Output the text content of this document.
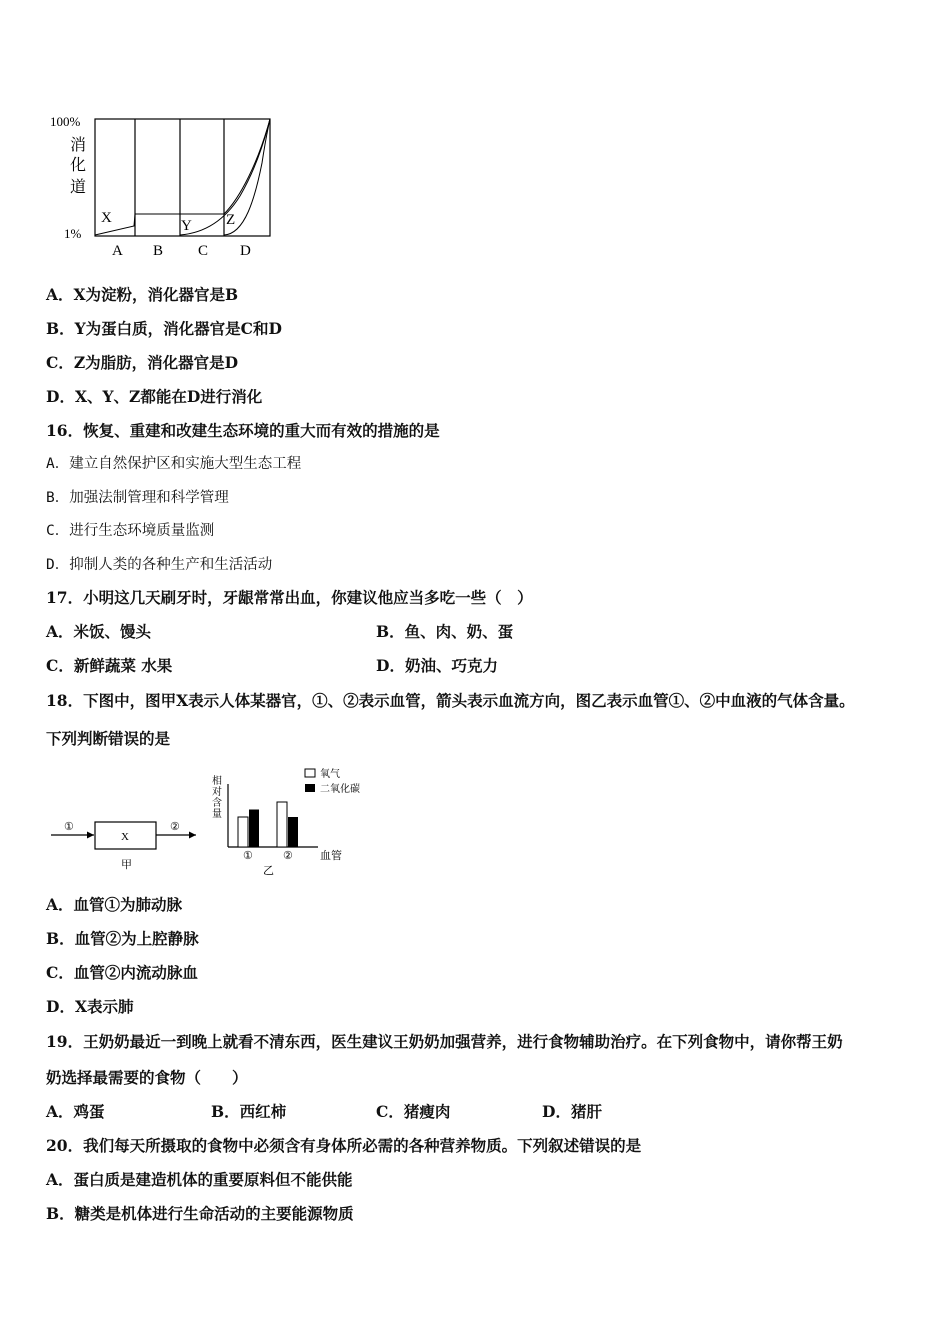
100%
消
化
道
1%
X	Y Z
A B C D
A．X为淀粉，消化器官是B
B．Y为蛋白质，消化器官是C和D
C．Z为脂肪，消化器官是D
D．X、Y、Z都能在D进行消化
16．恢复、重建和改建生态环境的重大而有效的措施的是
A．建立自然保护区和实施大型生态工程
B．加强法制管理和科学管理
C．进行生态环境质量监测
D．抑制人类的各种生产和生活活动
17．小明这几天刷牙时，牙龈常常出血，你建议他应当多吃一些（　）
A．米饭、馒头	B．鱼、肉、奶、蛋
C．新鲜蔬菜 水果	D．奶油、巧克力
18．下图中，图甲X表示人体某器官，①、②表示血管，箭头表示血流方向，图乙表示血管①、②中血液的气体含量。
下列判断错误的是
①
X
②
甲
相
对
含
量
①	② 血管
乙
氧气
二氧化碳
A．血管①为肺动脉
B．血管②为上腔静脉
C．血管②内流动脉血
D．X表示肺
19．王奶奶最近一到晚上就看不清东西，医生建议王奶奶加强营养，进行食物辅助治疗。在下列食物中，请你帮王奶
奶选择最需要的食物（　　）
A．鸡蛋	B．西红柿	C．猪瘦肉	D．猪肝
20．我们每天所摄取的食物中必须含有身体所必需的各种营养物质。下列叙述错误的是
A．蛋白质是建造机体的重要原料但不能供能
B．糖类是机体进行生命活动的主要能源物质
